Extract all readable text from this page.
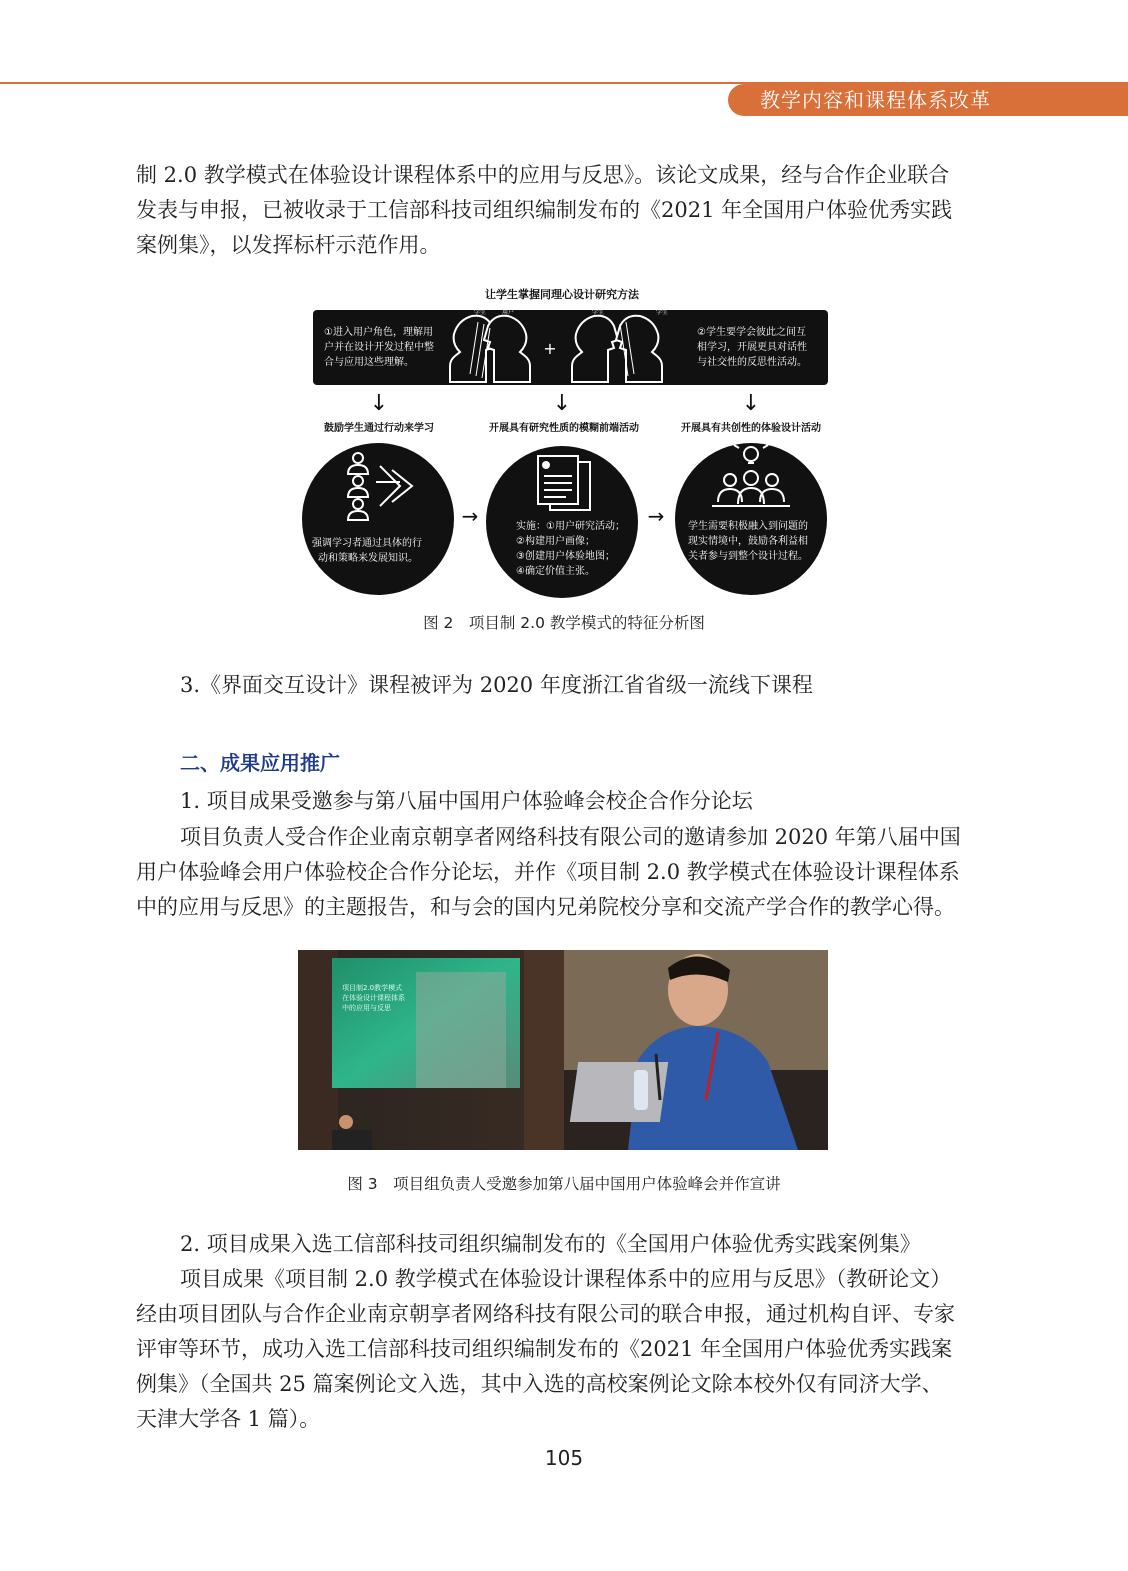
教学内容和课程体系改革
制 2.0 教学模式在体验设计课程体系中的应用与反思》。该论文成果，经与合作企业联合
发表与申报，已被收录于工信部科技司组织编制发布的《2021 年全国用户体验优秀实践
案例集》，以发挥标杆示范作用。
让学生掌握同理心设计研究方法
①进入用户角色，理解用
户并在设计开发过程中整
合与应用这些理解。
学生	用户
+
学生	学生
②学生要学会彼此之间互
相学习，开展更具对话性
与社交性的反思性活动。
↓	↓	↓
鼓励学生通过行动来学习	开展具有研究性质的模糊前端活动	开展具有共创性的体验设计活动
强调学习者通过具体的行
动和策略来发展知识。
实施：①用户研究活动；
②构建用户画像；
③创建用户体验地图；
④确定价值主张。
学生需要积极融入到问题的
现实情境中，鼓励各利益相
关者参与到整个设计过程。
→	→
图 2　项目制 2.0 教学模式的特征分析图
3.《界面交互设计》课程被评为 2020 年度浙江省省级一流线下课程
二、成果应用推广
1. 项目成果受邀参与第八届中国用户体验峰会校企合作分论坛
项目负责人受合作企业南京朝享者网络科技有限公司的邀请参加 2020 年第八届中国
用户体验峰会用户体验校企合作分论坛，并作《项目制 2.0 教学模式在体验设计课程体系
中的应用与反思》的主题报告，和与会的国内兄弟院校分享和交流产学合作的教学心得。
项目制2.0教学模式
在体验设计课程体系
中的应用与反思
图 3　项目组负责人受邀参加第八届中国用户体验峰会并作宣讲
2. 项目成果入选工信部科技司组织编制发布的《全国用户体验优秀实践案例集》
项目成果《项目制 2.0 教学模式在体验设计课程体系中的应用与反思》（教研论文）
经由项目团队与合作企业南京朝享者网络科技有限公司的联合申报，通过机构自评、专家
评审等环节，成功入选工信部科技司组织编制发布的《2021 年全国用户体验优秀实践案
例集》（全国共 25 篇案例论文入选，其中入选的高校案例论文除本校外仅有同济大学、
天津大学各 1 篇）。
105
